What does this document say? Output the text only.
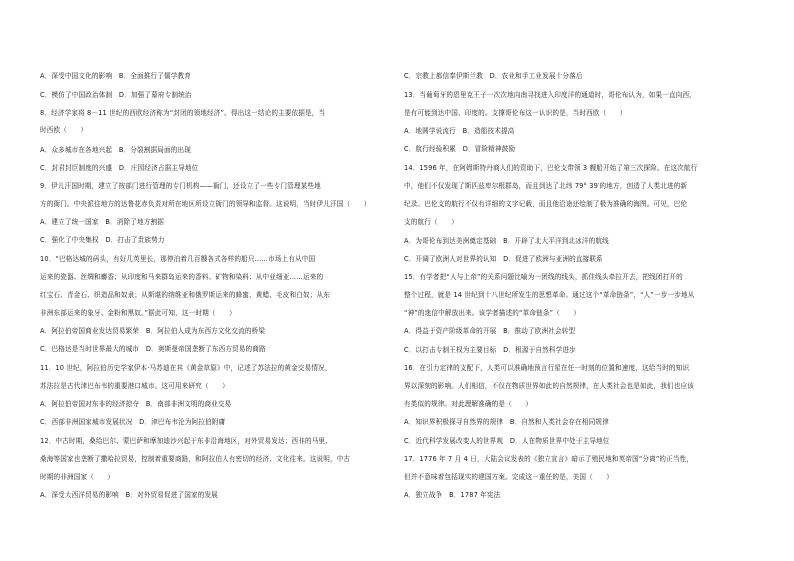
A．深受中国文化的影响　B．全面推行了儒学教育
C．模仿了中国政治体制　D．加强了幕府专制统治
8．经济学家将 8－11 世纪的西欧经济称为“封闭的领地经济”。得出这一结论的主要依据是，当
时西欧（　　）
A．众多城市在各地兴起　B．分裂割据局面的出现
C．封君封臣制度的兴盛　D．庄园经济占据主导地位
9．伊儿汗国时期，建立了按部门进行管理的专门机构——衙门，还设立了一些专门管理某些地
方的衙门。中央派往地方的达鲁花赤负责对所在地区所设立衙门的领导和监督。这说明，当时伊儿汗国（　　）
A．建立了统一国家　B．消除了地方割据
C．强化了中央集权　D．打击了贵族势力
10．“巴格达城的码头，有好几英里长，那停泊着几百艘各式各样的船只……市场上有从中国
运来的瓷器、丝绸和麝香；从印度和马来群岛运来的香料、矿物和染料；从中亚细亚……运来的
红宝石、青金石、织造品和奴隶；从斯堪的纳维亚和俄罗斯运来的蜂蜜、黄蜡、毛皮和白奴；从东
非洲东部运来的象牙、金粉和黑奴。”据此可知，这一时期（　　）
A．阿拉伯帝国商业发达贸易繁荣　B．阿拉伯人成为东西方文化交流的桥梁
C．巴格达是当时世界最大的城市　D．奥斯曼帝国垄断了东西方贸易的商路
11．10 世纪，阿拉伯历史学家伊本·马苏迪在其《黄金草原》中，记述了苏法拉的黄金交易情况，
苏法拉是古代津巴布韦的重要港口城市。这可用来研究（　　）
A．阿拉伯帝国对东非的经济掠夺　B．南部非洲文明的商业交易
C．西部非洲国家城市发展状况　D．津巴布韦沦为阿拉伯附庸
12．中古时期，桑给巴尔、蒙巴萨和摩加迪沙兴起于东非沿海地区，对外贸易发达；西非的马里、
桑海等国家也垄断了撒哈拉贸易，控制着重要商路，和阿拉伯人有密切的经济、文化往来。这说明，中古
时期的非洲国家（　　）
A．深受大西洋贸易的影响　B．对外贸易促进了国家的发展
C．宗教上都信奉伊斯兰教　D．农业和手工业发展十分落后
13．当葡萄牙的恩里克王子一次次地向南寻找进入印度洋的通道时，哥伦布认为，如果一直向西，
是有可能到达中国、印度的。支撑哥伦布这一认识的是，当时西欧（　　）
A．地圆学说流行　B．造船技术提高
C．航行经验积累　D．冒险精神鼓励
14．1596 年，在阿姆斯特丹商人们的资助下，巴伦支带领 3 艘船开始了第三次探险。在这次航行
中，他们不仅发现了斯匹兹卑尔根群岛，而且到达了北纬 79° 39′的地方，创造了人类北进的新
纪录。巴伦支的航行不仅有详细的文字记载，而且他沿途还绘制了极为准确的海图。可见，巴伦
支的航行（　　）
A．为哥伦布到达美洲奠定基础　B．开辟了北大平洋到北冰洋的航线
C．开阔了欧洲人对世界的认知　D．促进了欧洲与亚洲的直接联系
15．有学者把“人与上帝”的关系问题比喻为一团线的线头，抓住线头牵拉开去，把线团打开的
整个过程，就是 14 世纪到十八世纪所发生的思想革命。通过这个“革命链条”，“人”一步一步地从
“神”的迷信中解放出来。该学者描述的“革命链条”（　　）
A．得益于资产阶级革命的开展　B．推动了欧洲社会转型
C．以打击专制王权为主要目标　D．根源于自然科学进步
16．在引力定律的支配下，人类可以准确地预言行星在任一时刻的位置和速度，这给当时的知识
界以深刻的影响。人们相信，不仅在物质世界如此的自然规律，在人类社会也是如此，我们也应该
有类似的规律。对此理解准确的是（　　）
A．知识界积极探寻自然界的规律　B．自然和人类社会存在相同规律
C．近代科学发展改变人的世界观　D．人在物质世界中处于主导地位
17．1776 年 7 月 4 日，大陆会议发表的《独立宣言》暗示了殖民地和英帝国“分离”的正当性，
但并不意味着包括现实的建国方案。完成这一重任的是，美国（　　）
A．独立战争　B．1787 年宪法
